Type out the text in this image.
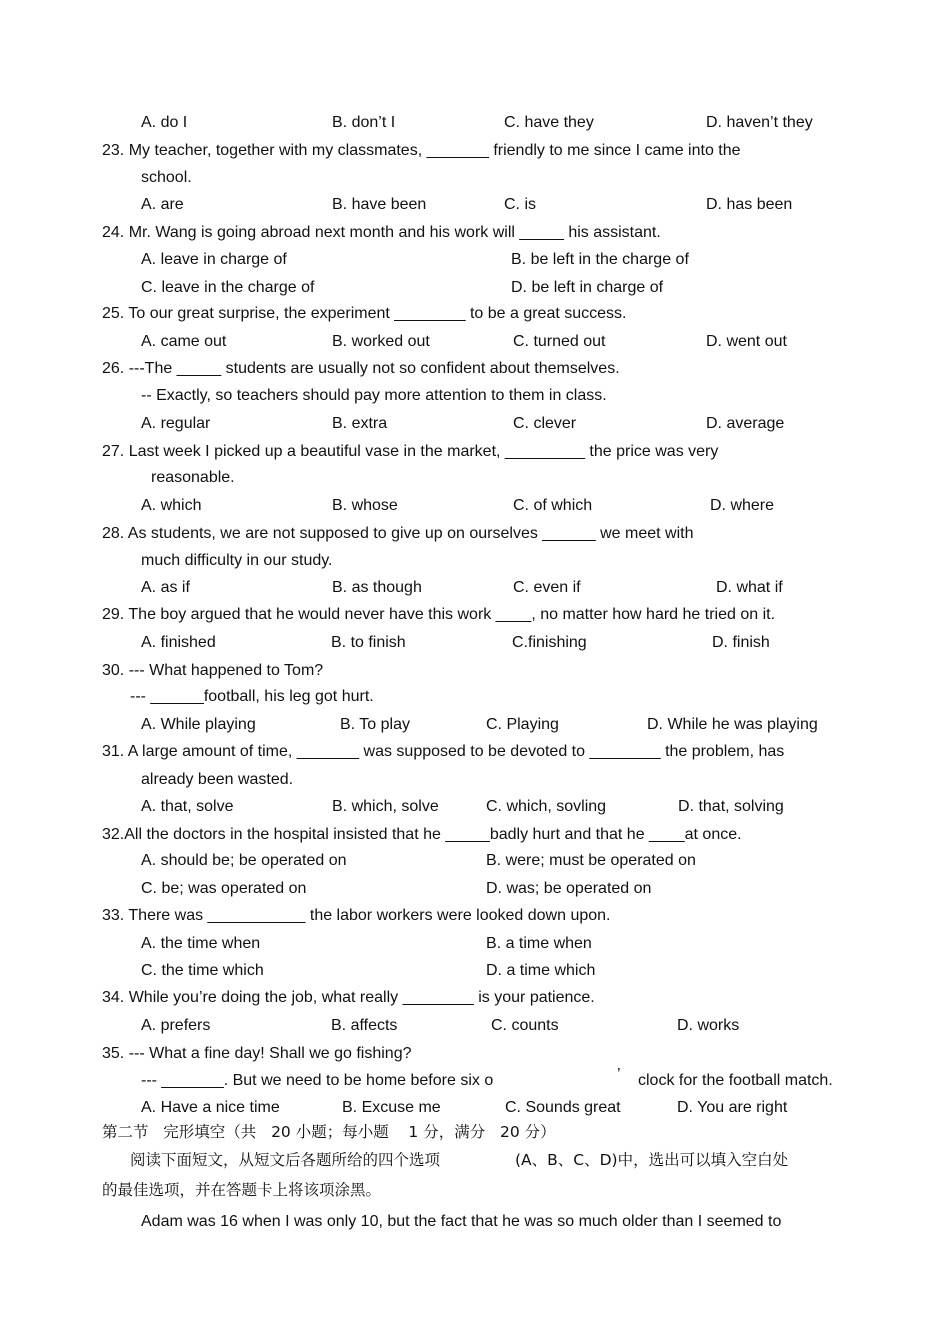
A. do I	B. don’t I	C. have they	D. haven’t they
23. My teacher, together with my classmates, _______ friendly to me since I came into the
school.
A. are	B. have been	C. is	D. has been
24. Mr. Wang is going abroad next month and his work will _____ his assistant.
A. leave in charge of	B. be left in the charge of
C. leave in the charge of	D. be left in charge of
25. To our great surprise, the experiment ________ to be a great success.
A. came out	B. worked out	C. turned out	D. went out
26. ---The _____ students are usually not so confident about themselves.
-- Exactly, so teachers should pay more attention to them in class.
A. regular	B. extra	C. clever	D. average
27. Last week I picked up a beautiful vase in the market, _________ the price was very
reasonable.
A. which	B. whose	C. of which	D. where
28. As students, we are not supposed to give up on ourselves ______ we meet with
much difficulty in our study.
A. as if	B. as though	C. even if	D. what if
29. The boy argued that he would never have this work ____, no matter how hard he tried on it.
A. finished	B. to finish	C.finishing	D. finish
30. --- What happened to Tom?
--- ______football, his leg got hurt.
A. While playing	B. To play	C. Playing	D. While he was playing
31. A large amount of time, _______ was supposed to be devoted to ________ the problem, has
already been wasted.
A. that, solve	B. which, solve	C. which, sovling	D. that, solving
32.All the doctors in the hospital insisted that he _____badly hurt and that he ____at once.
A. should be; be operated on	B. were; must be operated on
C. be; was operated on	D. was; be operated on
33. There was ___________ the labor workers were looked down upon.
A. the time when	B. a time when
C. the time which	D. a time which
34. While you’re doing the job, what really ________ is your patience.
A. prefers	B. affects	C. counts	D. works
35. --- What a fine day! Shall we go fishing?
--- _______. But we need to be home before six o	’ clock for the football match.
A. Have a nice time	B. Excuse me	C. Sounds great	D. You are right
第二节   完形填空（共   20 小题；每小题    1 分，满分   20 分）
阅读下面短文，从短文后各题所给的四个选项	(A、B、C、D)中，选出可以填入空白处
的最佳选项，并在答题卡上将该项涂黑。
Adam was 16 when I was only 10, but the fact that he was so much older than I seemed to
